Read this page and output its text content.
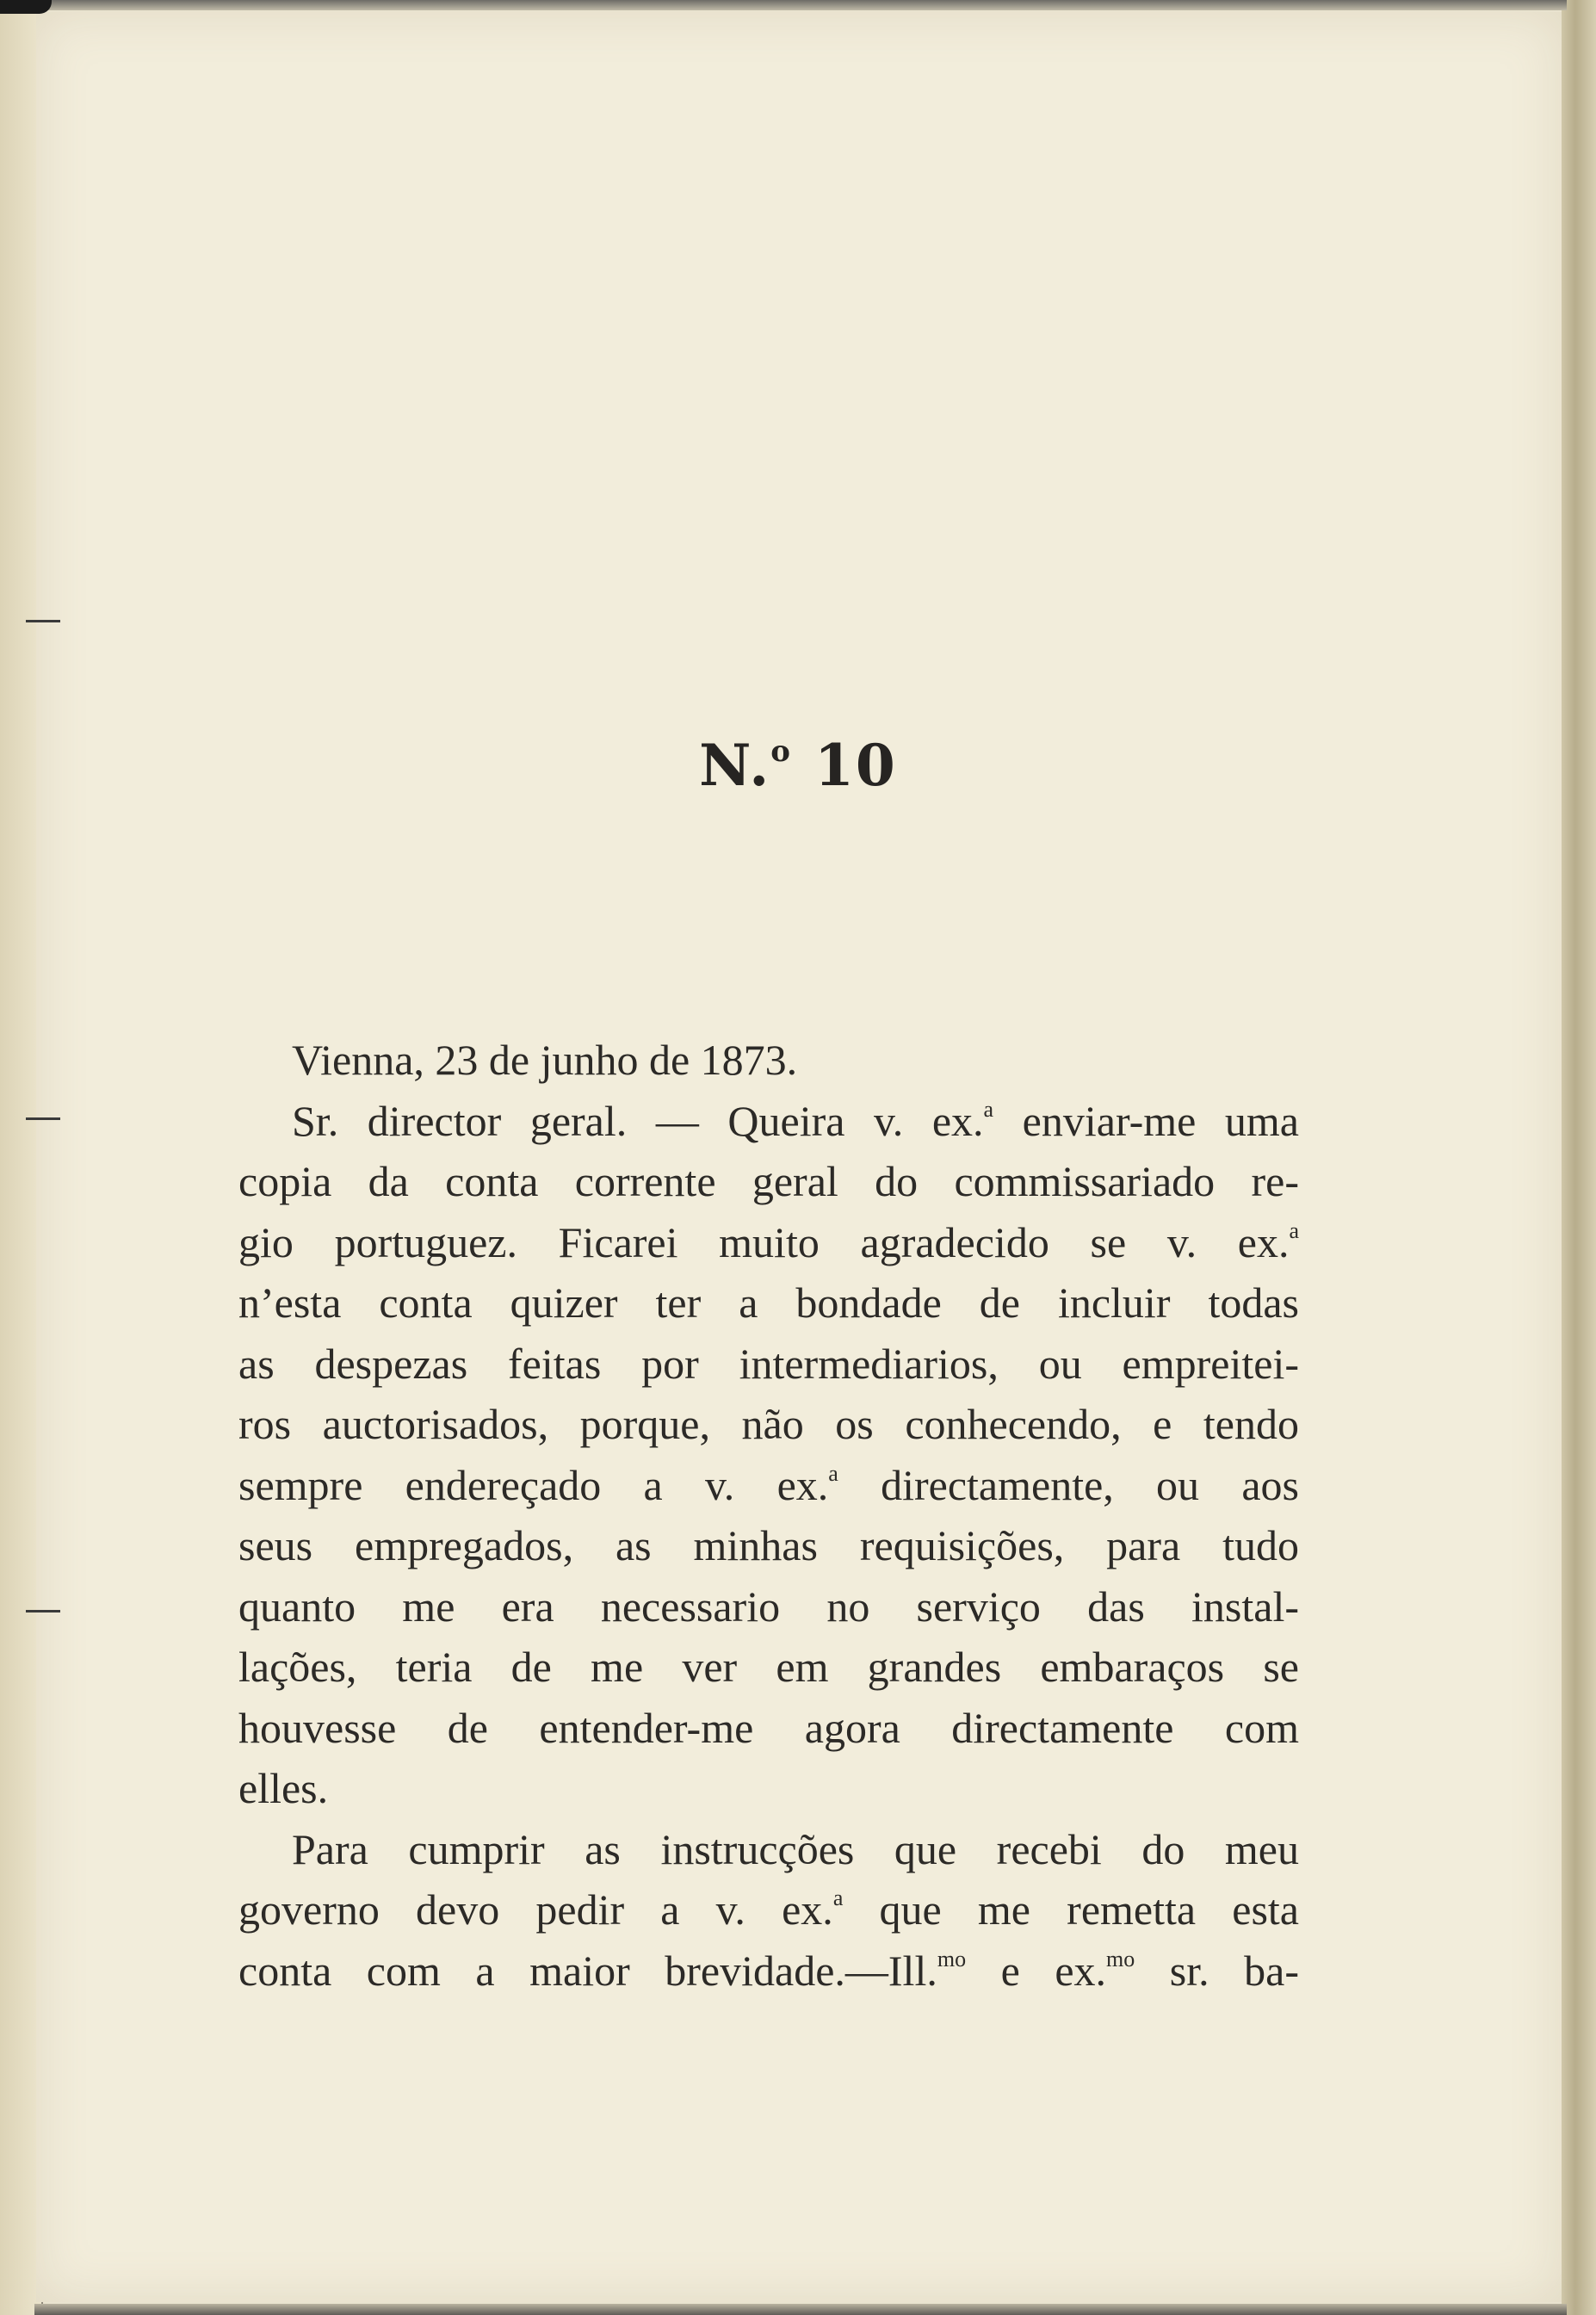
N.$^o$ 10
Vienna, 23 de junho de 1873.
Sr. director geral. — Queira v. ex.$^a$ enviar-me uma
copia da conta corrente geral do commissariado re-
gio portuguez. Ficarei muito agradecido se v. ex.$^a$
n’esta conta quizer ter a bondade de incluir todas
as despezas feitas por intermediarios, ou empreitei-
ros auctorisados, porque, não os conhecendo, e tendo
sempre endereçado a v. ex.$^a$ directamente, ou aos
seus empregados, as minhas requisições, para tudo
quanto me era necessario no serviço das instal-
lações, teria de me ver em grandes embaraços se
houvesse de entender-me agora directamente com
elles.
Para cumprir as instrucções que recebi do meu
governo devo pedir a v. ex.$^a$ que me remetta esta
conta com a maior brevidade.—Ill.$^{mo}$ e ex.$^{mo}$ sr. ba-
